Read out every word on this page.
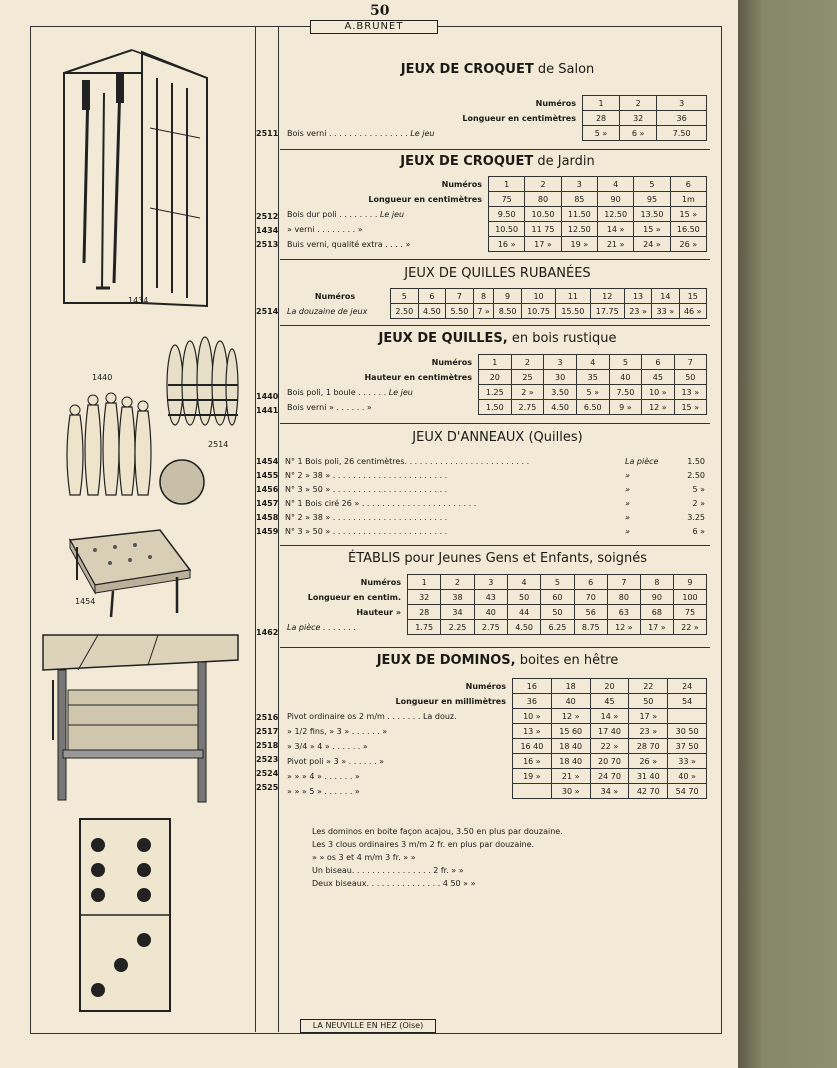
50
A.BRUNET
LA NEUVILLE EN HEZ (Oise)
1434
2514
1440
1454
JEUX DE CROQUET de Salon
Numéros	1	2	3
Longueur en centimètres	28	32	36
Bois verni . . . . . . . . . . . . . . . . Le jeu	5 »	6 »	7.50
2511
JEUX DE CROQUET de Jardin
Numéros	1	2	3	4	5	6
Longueur en centimètres	75	80	85	90	95	1m
Bois dur poli . . . . . . . . Le jeu	9.50	10.50	11.50	12.50	13.50	15 »
» verni . . . . . . . . »	10.50	11 75	12.50	14 »	15 »	16.50
Buis verni, qualité extra . . . . »	16 »	17 »	19 »	21 »	24 »	26 »
2512
1434
2513
JEUX DE QUILLES RUBANÉES
Numéros	5	6	7	8	9	10	11	12	13	14	15
La douzaine de jeux	2.50	4.50	5.50	7 »	8.50	10.75	15.50	17.75	23 »	33 »	46 »
2514
JEUX DE QUILLES, en bois rustique
Numéros	1	2	3	4	5	6	7
Hauteur en centimètres	20	25	30	35	40	45	50
Bois poli, 1 boule . . . . . . Le jeu	1.25	2 »	3.50	5 »	7.50	10 »	13 »
Bois verni » . . . . . . »	1.50	2.75	4.50	6.50	9 »	12 »	15 »
1440
1441
JEUX D'ANNEAUX (Quilles)
1454
1455
1456
1457
1458
1459
N° 1 Bois poli, 26 centimètres. . . . . . . . . . . . . . . . . . . . . . . . .	La pièce	1.50
N° 2 » 38 » . . . . . . . . . . . . . . . . . . . . . . .	»	2.50
N° 3 » 50 » . . . . . . . . . . . . . . . . . . . . . . .	»	5 »
N° 1 Bois ciré 26 » . . . . . . . . . . . . . . . . . . . . . . .	»	2 »
N° 2 » 38 » . . . . . . . . . . . . . . . . . . . . . . .	»	3.25
N° 3 » 50 » . . . . . . . . . . . . . . . . . . . . . . .	»	6 »
ÉTABLIS pour Jeunes Gens et Enfants, soignés
Numéros	1	2	3	4	5	6	7	8	9
Longueur en centim.	32	38	43	50	60	70	80	90	100
Hauteur »	28	34	40	44	50	56	63	68	75
La pièce . . . . . . .	1.75	2.25	2.75	4.50	6.25	8.75	12 »	17 »	22 »
1462
JEUX DE DOMINOS, boites en hêtre
Numéros	16	18	20	22	24
Longueur en millimètres	36	40	45	50	54
Pivot ordinaire os 2 m/m . . . . . . . La douz.	10 »	12 »	14 »	17 »	
» 1/2 fins, » 3 » . . . . . . »	13 »	15 60	17 40	23 »	30 50
» 3/4 » 4 » . . . . . . »	16 40	18 40	22 »	28 70	37 50
Pivot poli » 3 » . . . . . . »	16 »	18 40	20 70	26 »	33 »
» » » 4 » . . . . . . »	19 »	21 »	24 70	31 40	40 »
» » » 5 » . . . . . . »		30 »	34 »	42 70	54 70
2516
2517
2518
2523
2524
2525
Les dominos en boite façon acajou, 3.50 en plus par douzaine.
Les 3 clous ordinaires 3 m/m 2 fr. en plus par douzaine.
» » os 3 et 4 m/m 3 fr. » »
Un biseau. . . . . . . . . . . . . . . . 2 fr. » »
Deux biseaux. . . . . . . . . . . . . . . 4 50 » »
